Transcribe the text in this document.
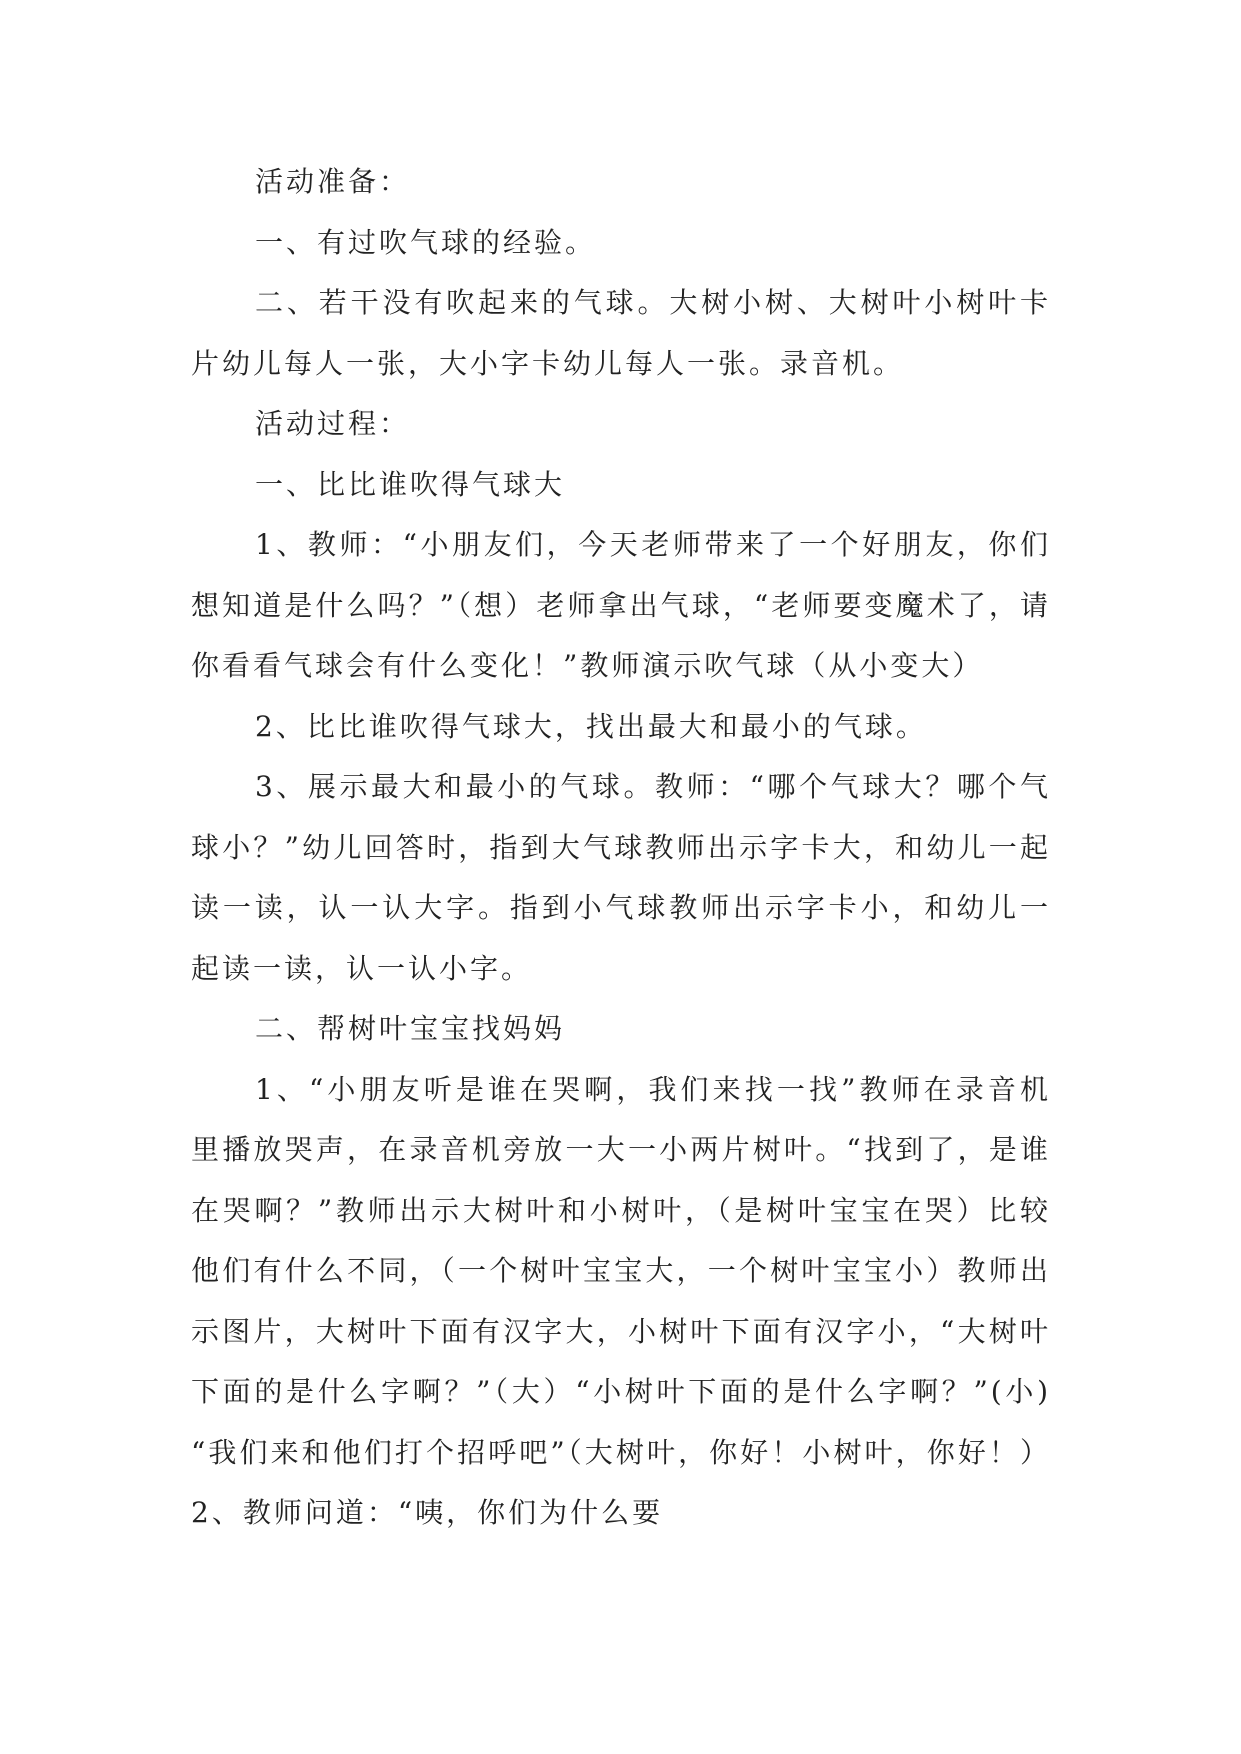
活动准备：

一、有过吹气球的经验。

二、若干没有吹起来的气球。大树小树、大树叶小树叶卡片幼儿每人一张，大小字卡幼儿每人一张。录音机。

活动过程：

一、比比谁吹得气球大

1、教师：“小朋友们，今天老师带来了一个好朋友，你们想知道是什么吗？”（想）老师拿出气球，“老师要变魔术了，请你看看气球会有什么变化！”教师演示吹气球（从小变大）

2、比比谁吹得气球大，找出最大和最小的气球。

3、展示最大和最小的气球。教师：“哪个气球大？哪个气球小？”幼儿回答时，指到大气球教师出示字卡大，和幼儿一起读一读，认一认大字。指到小气球教师出示字卡小，和幼儿一起读一读，认一认小字。

二、帮树叶宝宝找妈妈

1、“小朋友听是谁在哭啊，我们来找一找”教师在录音机里播放哭声，在录音机旁放一大一小两片树叶。“找到了，是谁在哭啊？”教师出示大树叶和小树叶，（是树叶宝宝在哭）比较他们有什么不同，（一个树叶宝宝大，一个树叶宝宝小）教师出示图片，大树叶下面有汉字大，小树叶下面有汉字小，“大树叶下面的是什么字啊？”（大）“小树叶下面的是什么字啊？”(小) “我们来和他们打个招呼吧”（大树叶，你好！小树叶，你好！）2、教师问道：“咦，你们为什么要
